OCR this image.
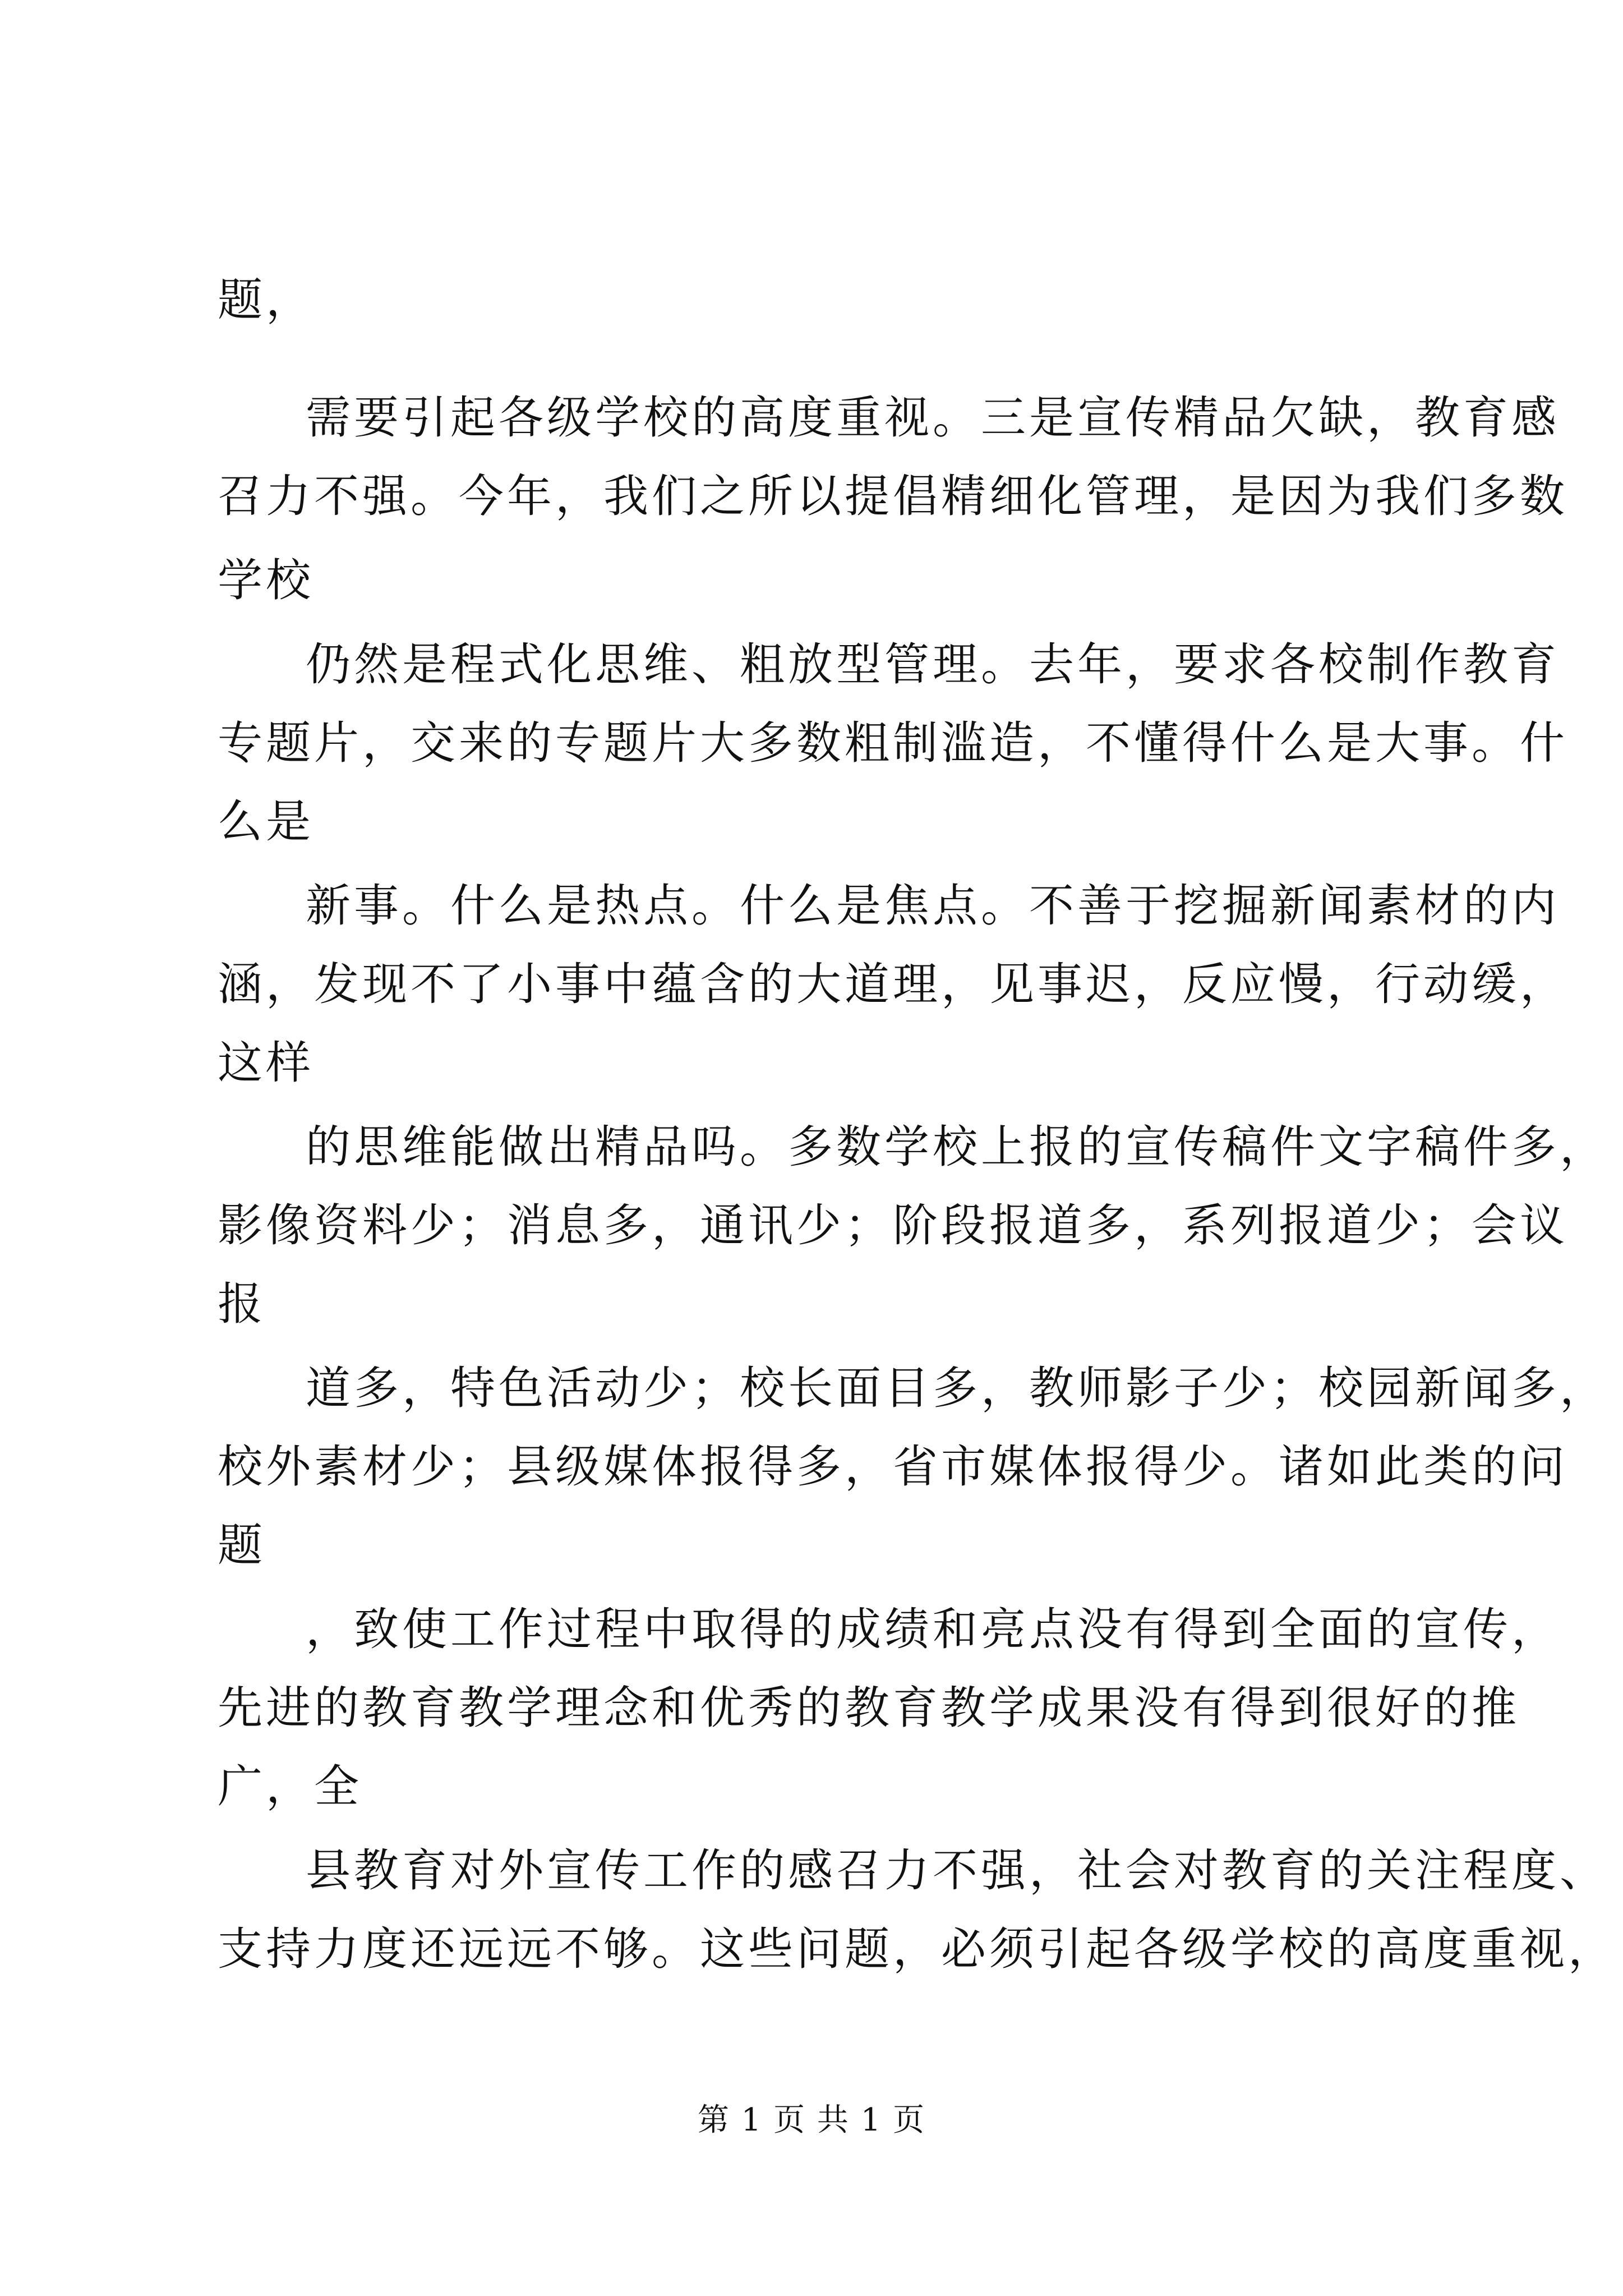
题，
需要引起各级学校的高度重视。三是宣传精品欠缺，教育感
召力不强。今年，我们之所以提倡精细化管理，是因为我们多数
学校
仍然是程式化思维、粗放型管理。去年，要求各校制作教育
专题片，交来的专题片大多数粗制滥造，不懂得什么是大事。什
么是
新事。什么是热点。什么是焦点。不善于挖掘新闻素材的内
涵，发现不了小事中蕴含的大道理，见事迟，反应慢，行动缓，
这样
的思维能做出精品吗。多数学校上报的宣传稿件文字稿件多，
影像资料少；消息多，通讯少；阶段报道多，系列报道少；会议
报
道多，特色活动少；校长面目多，教师影子少；校园新闻多，
校外素材少；县级媒体报得多，省市媒体报得少。诸如此类的问
题
，致使工作过程中取得的成绩和亮点没有得到全面的宣传，
先进的教育教学理念和优秀的教育教学成果没有得到很好的推
广，全
县教育对外宣传工作的感召力不强，社会对教育的关注程度、
支持力度还远远不够。这些问题，必须引起各级学校的高度重视，
第 1 页 共 1 页
